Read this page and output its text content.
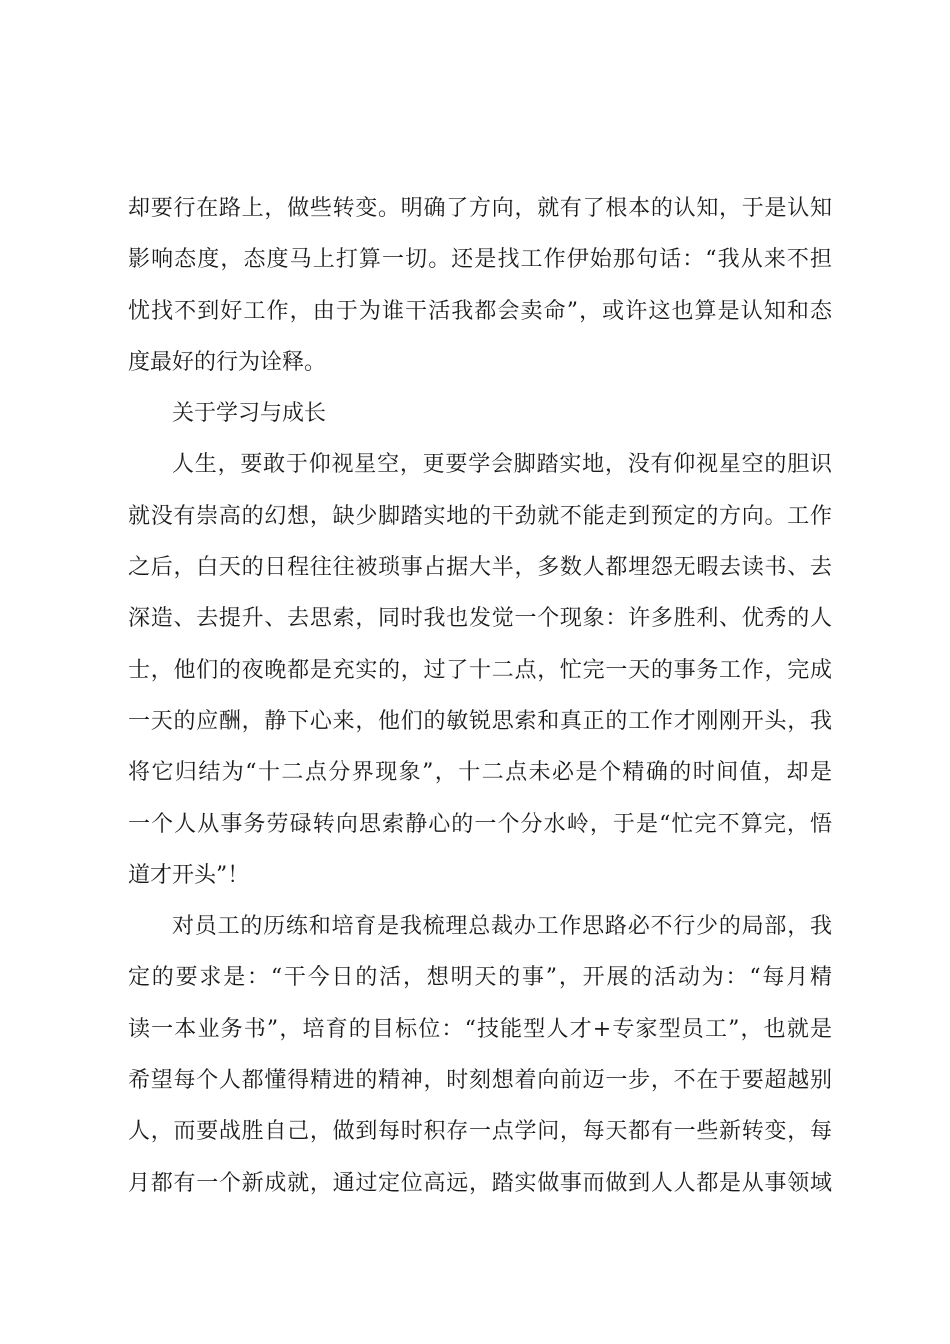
却要行在路上，做些转变。明确了方向，就有了根本的认知，于是认知
影响态度，态度马上打算一切。还是找工作伊始那句话：“我从来不担
忧找不到好工作，由于为谁干活我都会卖命”，或许这也算是认知和态
度最好的行为诠释。
关于学习与成长
人生，要敢于仰视星空，更要学会脚踏实地，没有仰视星空的胆识
就没有崇高的幻想，缺少脚踏实地的干劲就不能走到预定的方向。工作
之后，白天的日程往往被琐事占据大半，多数人都埋怨无暇去读书、去
深造、去提升、去思索，同时我也发觉一个现象：许多胜利、优秀的人
士，他们的夜晚都是充实的，过了十二点，忙完一天的事务工作，完成
一天的应酬，静下心来，他们的敏锐思索和真正的工作才刚刚开头，我
将它归结为“十二点分界现象”，十二点未必是个精确的时间值，却是
一个人从事务劳碌转向思索静心的一个分水岭，于是“忙完不算完，悟
道才开头”！
对员工的历练和培育是我梳理总裁办工作思路必不行少的局部，我
定的要求是：“干今日的活，想明天的事”，开展的活动为：“每月精
读一本业务书”，培育的目标位：“技能型人才+专家型员工”，也就是
希望每个人都懂得精进的精神，时刻想着向前迈一步，不在于要超越别
人，而要战胜自己，做到每时积存一点学问，每天都有一些新转变，每
月都有一个新成就，通过定位高远，踏实做事而做到人人都是从事领域
